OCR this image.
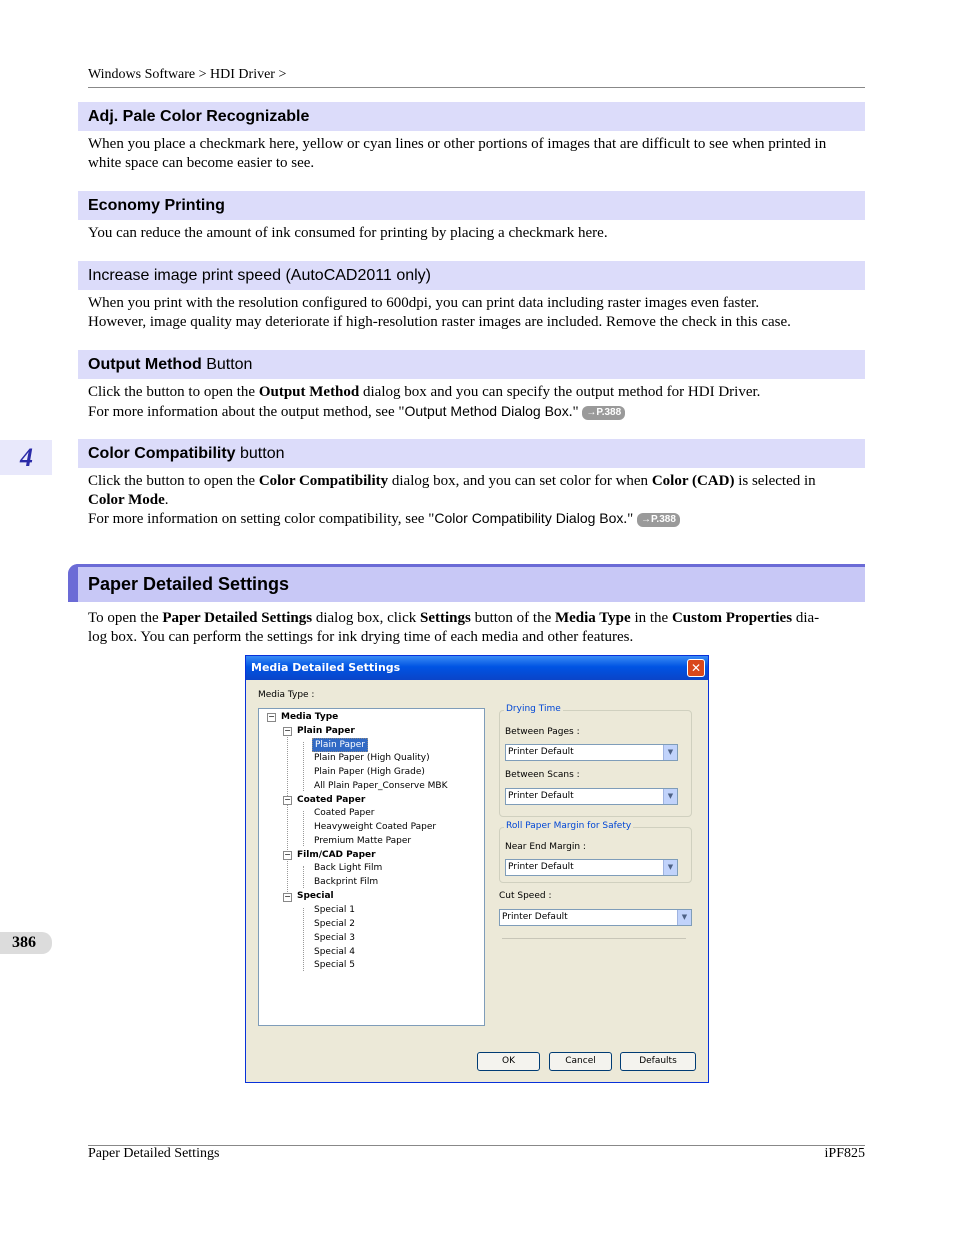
Windows Software > HDI Driver >
Adj. Pale Color Recognizable
When you place a checkmark here, yellow or cyan lines or other portions of images that are difficult to see when printed in white space can become easier to see.
Economy Printing
You can reduce the amount of ink consumed for printing by placing a checkmark here.
Increase image print speed (AutoCAD2011 only)
When you print with the resolution configured to 600dpi, you can print data including raster images even faster.
However, image quality may deteriorate if high-resolution raster images are included. Remove the check in this case.
Output Method Button
Click the button to open the Output Method dialog box and you can specify the output method for HDI Driver.
For more information about the output method, see "Output Method Dialog Box." →P.388
Color Compatibility button
Click the button to open the Color Compatibility dialog box, and you can set color for when Color (CAD) is selected in
Color Mode.
For more information on setting color compatibility, see "Color Compatibility Dialog Box." →P.388
4
386
Paper Detailed Settings
To open the Paper Detailed Settings dialog box, click Settings button of the Media Type in the Custom Properties dia-
log box. You can perform the settings for ink drying time of each media and other features.
Media Detailed Settings	✕
Media Type :
− Media Type
− Plain Paper
Plain Paper
Plain Paper (High Quality)
Plain Paper (High Grade)
All Plain Paper_Conserve MBK
− Coated Paper
Coated Paper
Heavyweight Coated Paper
Premium Matte Paper
− Film/CAD Paper
Back Light Film
Backprint Film
− Special
Special 1
Special 2
Special 3
Special 4
Special 5
Drying Time
Between Pages :
Printer Default	▼
Between Scans :
Printer Default	▼
Roll Paper Margin for Safety
Near End Margin :
Printer Default	▼
Cut Speed :
Printer Default	▼
OK	Cancel	Defaults
Paper Detailed Settings	iPF825
